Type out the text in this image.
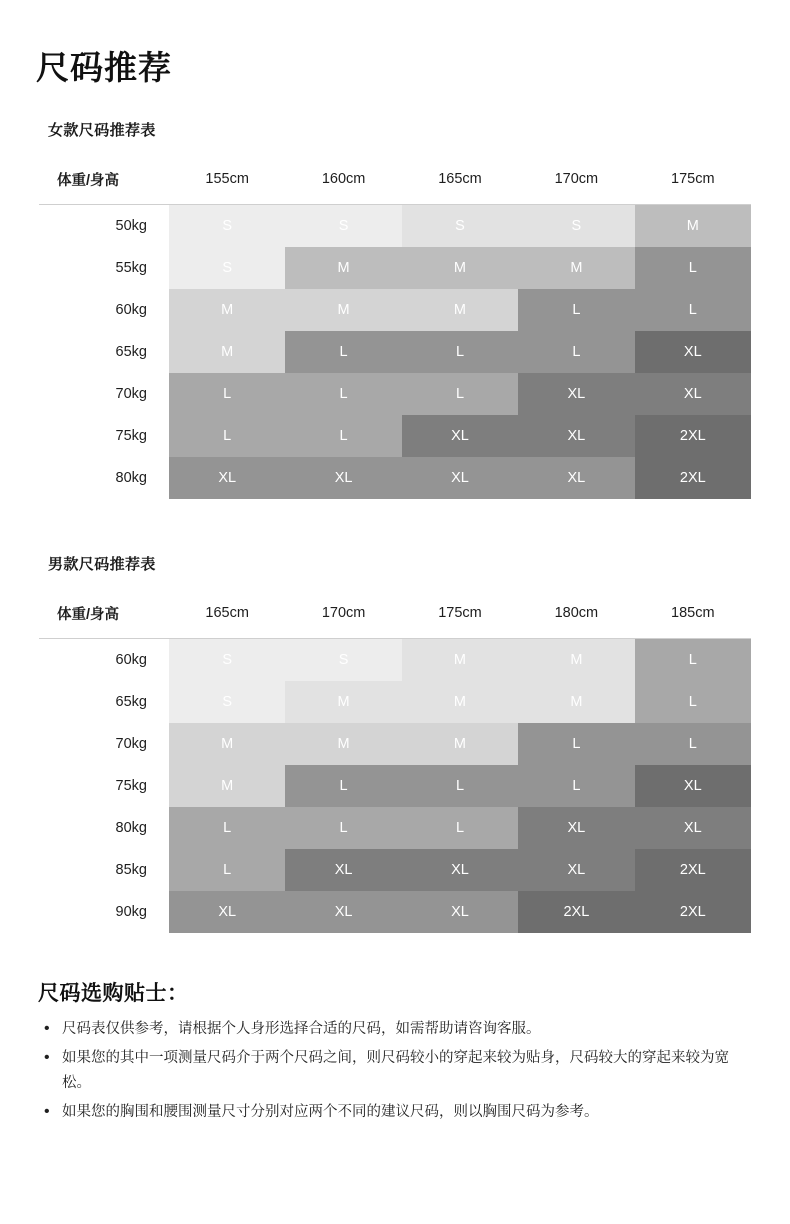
尺码推荐
女款尺码推荐表
体重/身高	155cm	160cm	165cm	170cm	175cm
50kg	S	S	S	S	M
55kg	S	M	M	M	L
60kg	M	M	M	L	L
65kg	M	L	L	L	XL
70kg	L	L	L	XL	XL
75kg	L	L	XL	XL	2XL
80kg	XL	XL	XL	XL	2XL
男款尺码推荐表
体重/身高	165cm	170cm	175cm	180cm	185cm
60kg	S	S	M	M	L
65kg	S	M	M	M	L
70kg	M	M	M	L	L
75kg	M	L	L	L	XL
80kg	L	L	L	XL	XL
85kg	L	XL	XL	XL	2XL
90kg	XL	XL	XL	2XL	2XL
尺码选购贴士：
• 尺码表仅供参考，请根据个人身形选择合适的尺码，如需帮助请咨询客服。
• 如果您的其中一项测量尺码介于两个尺码之间，则尺码较小的穿起来较为贴身，尺码较大的穿起来较为宽松。
• 如果您的胸围和腰围测量尺寸分别对应两个不同的建议尺码，则以胸围尺码为参考。
